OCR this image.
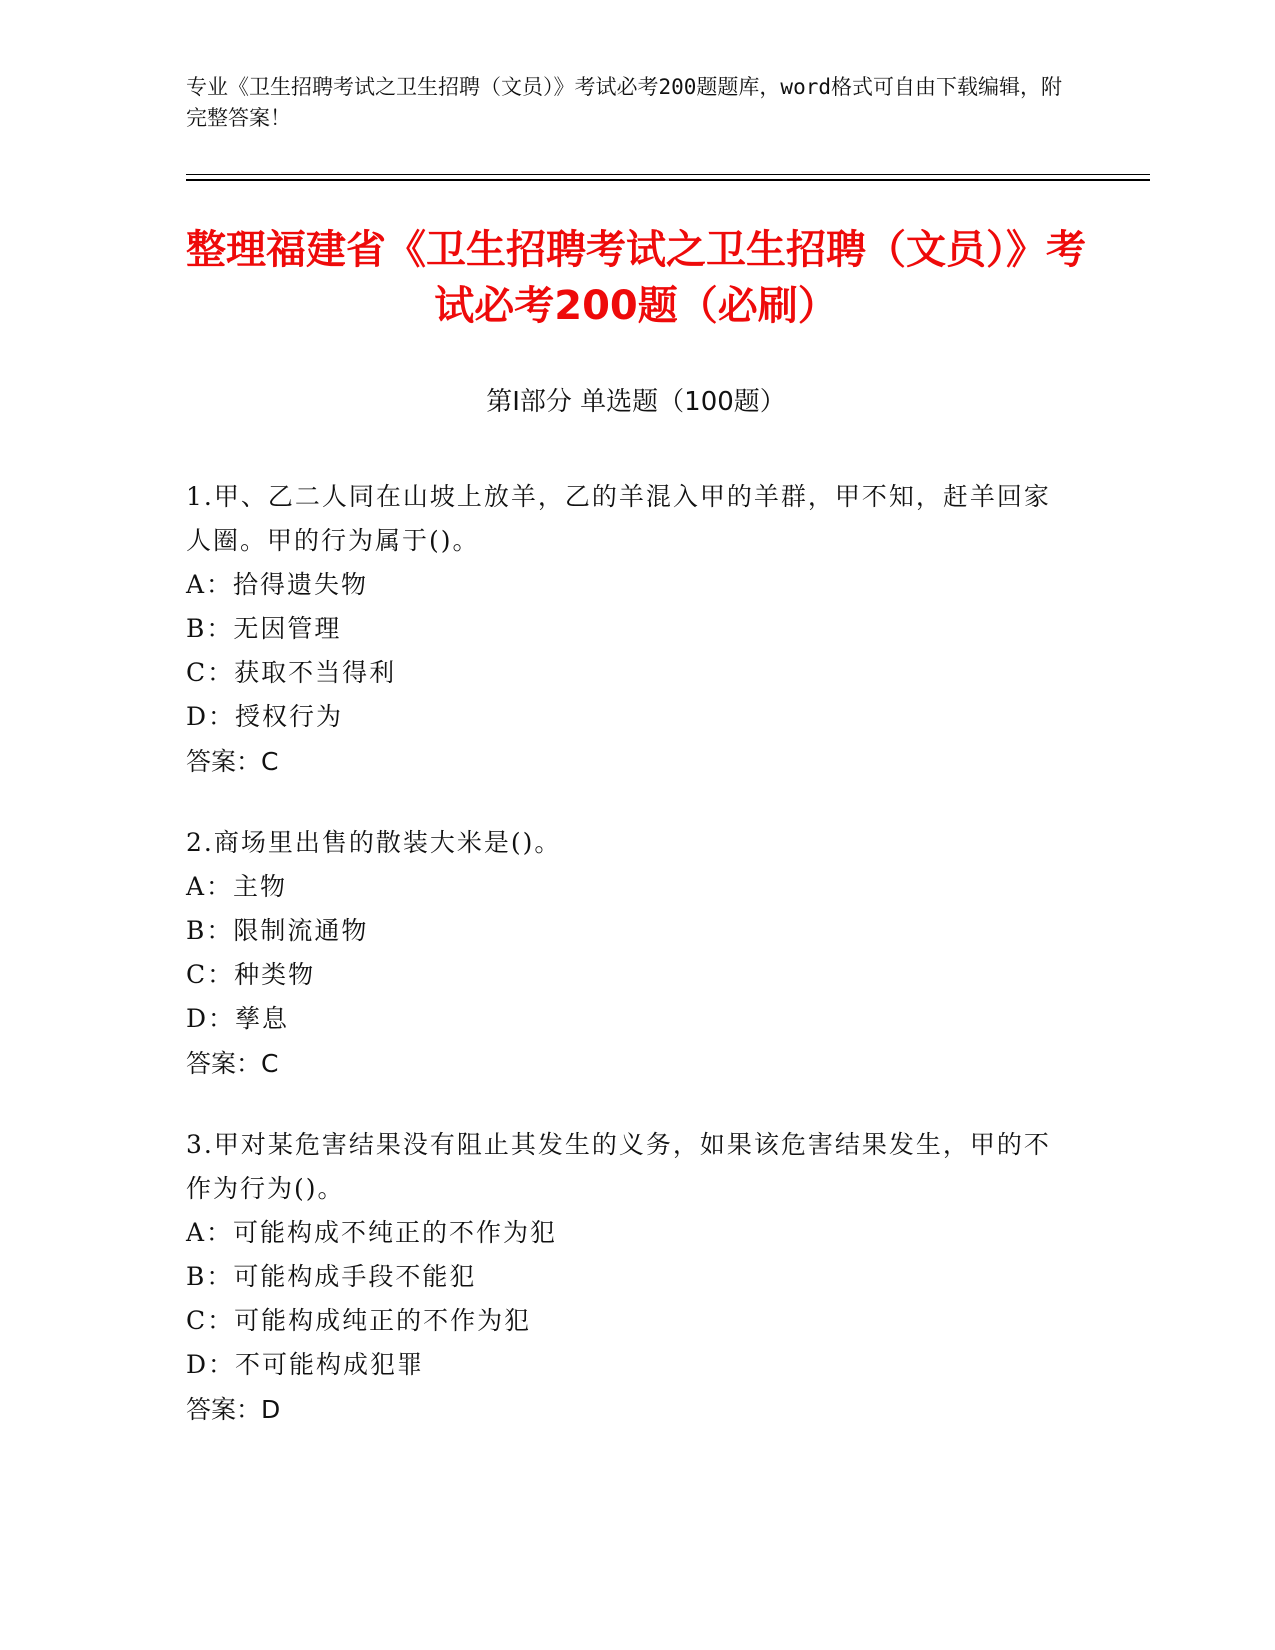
专业《卫生招聘考试之卫生招聘（文员）》考试必考200题题库，word格式可自由下载编辑，附完整答案！
整理福建省《卫生招聘考试之卫生招聘（文员）》考试必考200题（必刷）
第Ⅰ部分 单选题（100题）
1.甲、乙二人同在山坡上放羊，乙的羊混入甲的羊群，甲不知，赶羊回家人圈。甲的行为属于()。
A：拾得遗失物
B：无因管理
C：获取不当得利
D：授权行为
答案：C
2.商场里出售的散装大米是()。
A：主物
B：限制流通物
C：种类物
D：孳息
答案：C
3.甲对某危害结果没有阻止其发生的义务，如果该危害结果发生，甲的不作为行为()。
A：可能构成不纯正的不作为犯
B：可能构成手段不能犯
C：可能构成纯正的不作为犯
D：不可能构成犯罪
答案：D
